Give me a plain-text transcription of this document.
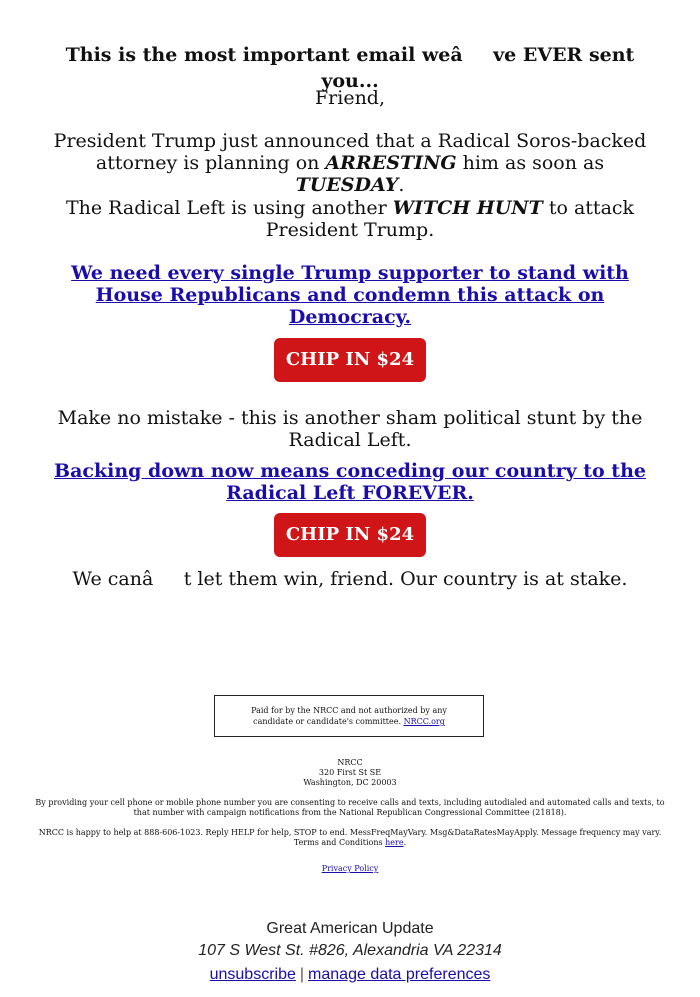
This is the most important email weâve EVER sent you...
Friend,
President Trump just announced that a Radical Soros-backed attorney is planning on ARRESTING him as soon as TUESDAY.
The Radical Left is using another WITCH HUNT to attack President Trump.
We need every single Trump supporter to stand with House Republicans and condemn this attack on Democracy.
CHIP IN $24
Make no mistake - this is another sham political stunt by the Radical Left.
Backing down now means conceding our country to the Radical Left FOREVER.
CHIP IN $24
We canât let them win, friend. Our country is at stake.
Paid for by the NRCC and not authorized by any candidate or candidate's committee. NRCC.org
NRCC
320 First St SE
Washington, DC 20003
By providing your cell phone or mobile phone number you are consenting to receive calls and texts, including autodialed and automated calls and texts, to that number with campaign notifications from the National Republican Congressional Committee (21818).
NRCC is happy to help at 888-606-1023. Reply HELP for help, STOP to end. MessFreqMayVary. Msg&DataRatesMayApply. Message frequency may vary. Terms and Conditions here.
Privacy Policy
Great American Update
107 S West St. #826, Alexandria VA 22314
unsubscribe | manage data preferences
